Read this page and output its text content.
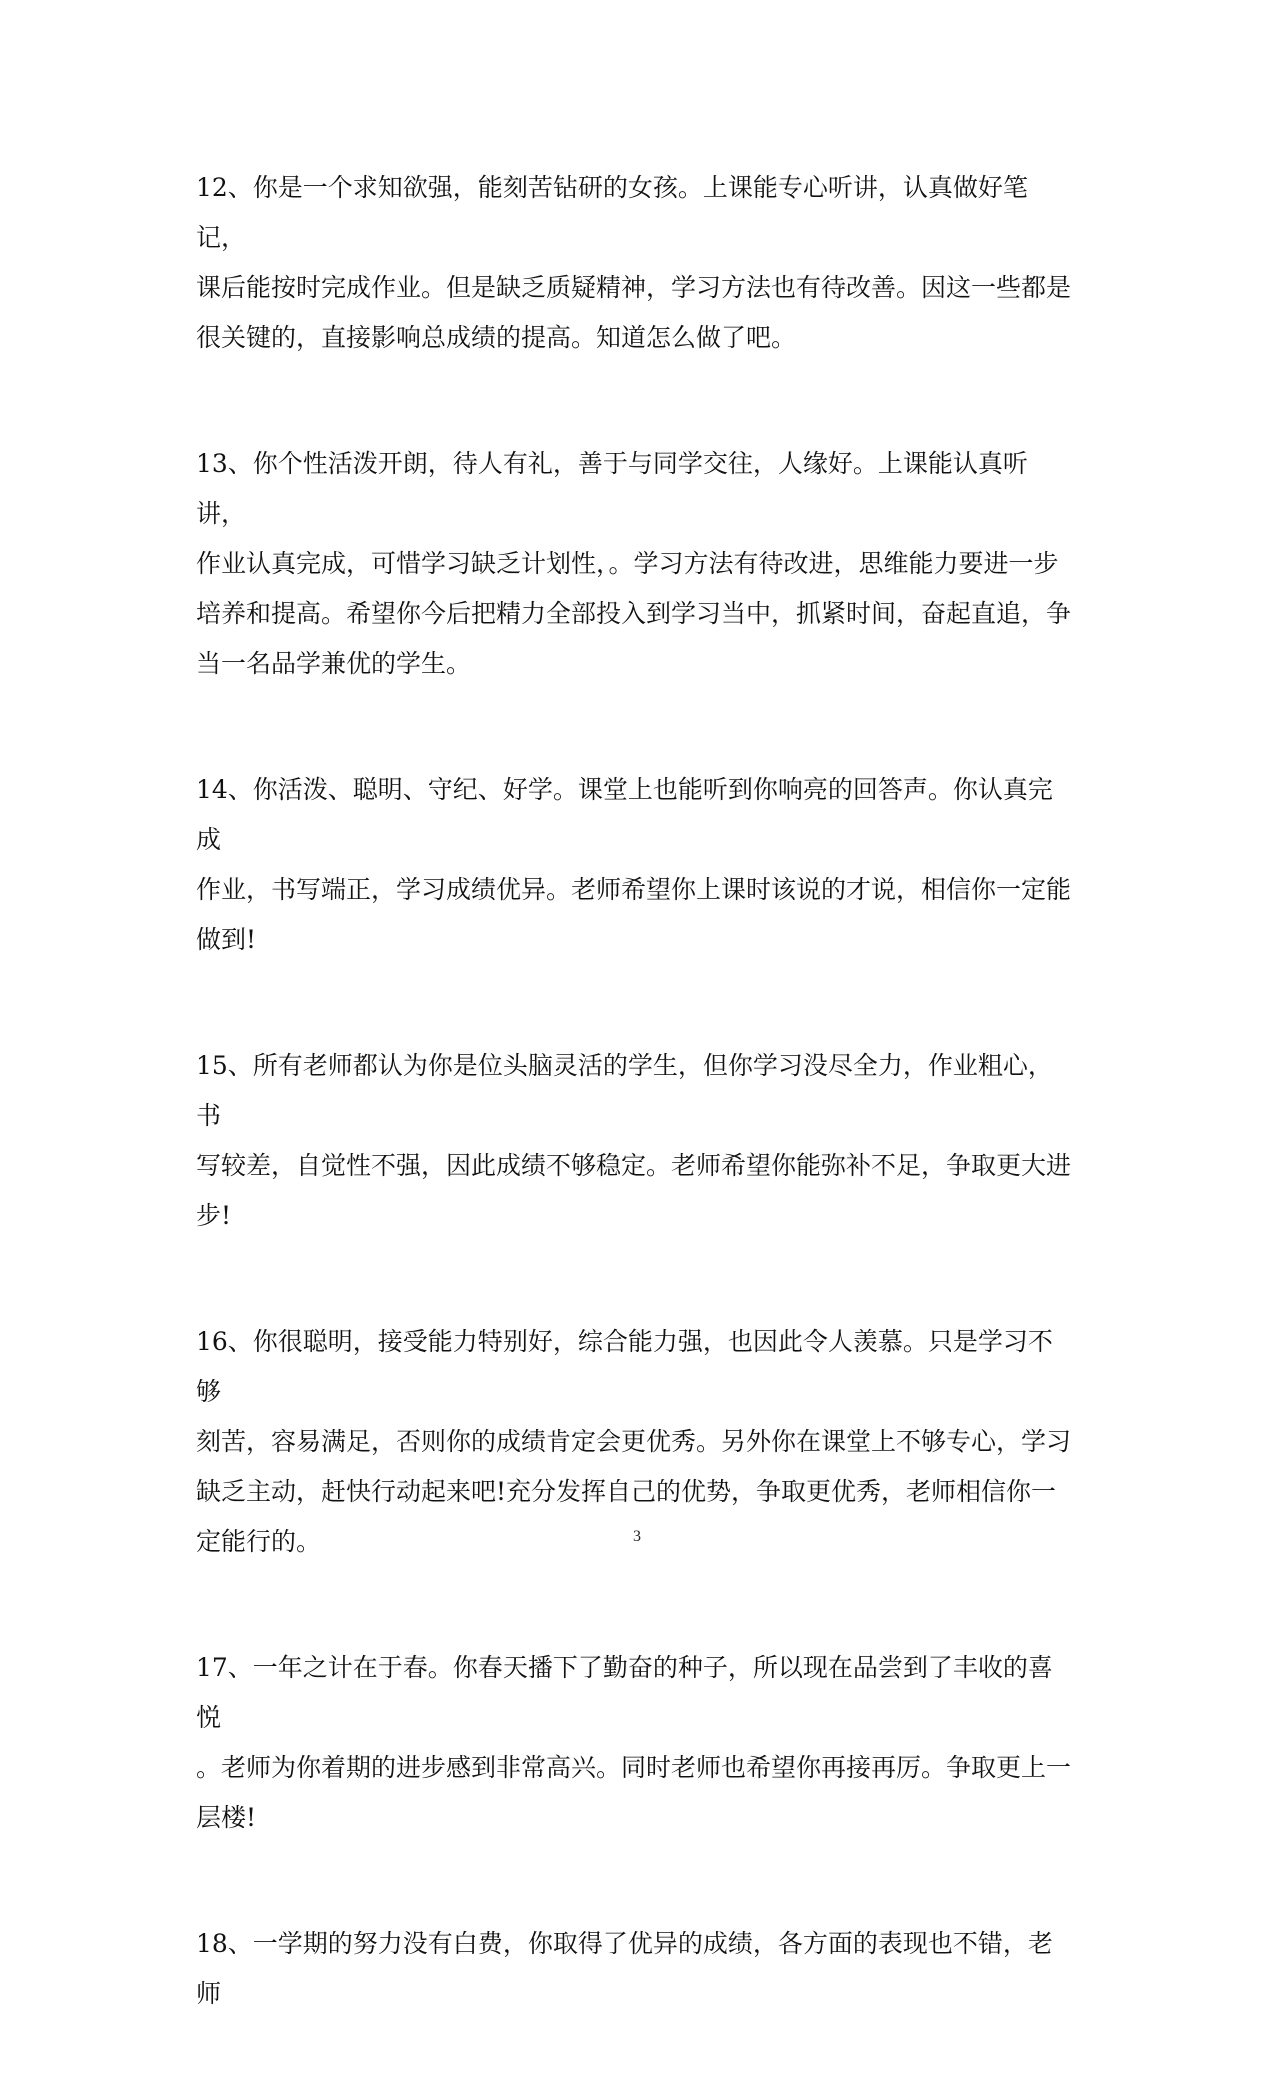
12、你是一个求知欲强，能刻苦钻研的女孩。上课能专心听讲，认真做好笔记，
课后能按时完成作业。但是缺乏质疑精神，学习方法也有待改善。因这一些都是
很关键的，直接影响总成绩的提高。知道怎么做了吧。

13、你个性活泼开朗，待人有礼，善于与同学交往，人缘好。上课能认真听讲，
作业认真完成，可惜学习缺乏计划性，。学习方法有待改进，思维能力要进一步
培养和提高。希望你今后把精力全部投入到学习当中，抓紧时间，奋起直追，争
当一名品学兼优的学生。

14、你活泼、聪明、守纪、好学。课堂上也能听到你响亮的回答声。你认真完成
作业，书写端正，学习成绩优异。老师希望你上课时该说的才说，相信你一定能
做到!

15、所有老师都认为你是位头脑灵活的学生，但你学习没尽全力，作业粗心，书
写较差，自觉性不强，因此成绩不够稳定。老师希望你能弥补不足，争取更大进
步!

16、你很聪明，接受能力特别好，综合能力强，也因此令人羡慕。只是学习不够
刻苦，容易满足，否则你的成绩肯定会更优秀。另外你在课堂上不够专心，学习
缺乏主动，赶快行动起来吧!充分发挥自己的优势，争取更优秀，老师相信你一
定能行的。

17、一年之计在于春。你春天播下了勤奋的种子，所以现在品尝到了丰收的喜悦
。老师为你着期的进步感到非常高兴。同时老师也希望你再接再厉。争取更上一
层楼!

18、一学期的努力没有白费，你取得了优异的成绩，各方面的表现也不错，老师

3
